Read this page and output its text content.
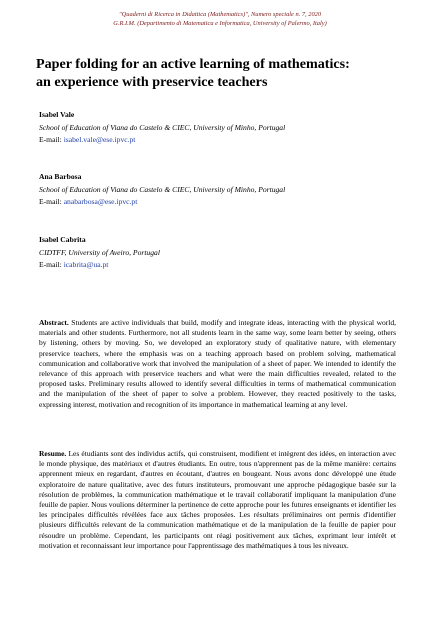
"Quaderni di Ricerca in Didattica (Mathematics)", Numero speciale n. 7, 2020
G.R.I.M. (Departimento di Matematica e Informatica, University of Palermo, Italy)
Paper folding for an active learning of mathematics:
an experience with preservice teachers
Isabel Vale
School of Education of Viana do Castelo & CIEC, University of Minho, Portugal
E-mail: isabel.vale@ese.ipvc.pt
Ana Barbosa
School of Education of Viana do Castelo & CIEC, University of Minho, Portugal
E-mail: anabarbosa@ese.ipvc.pt
Isabel Cabrita
CIDTFF, University of Aveiro, Portugal
E-mail: icabrita@ua.pt
Abstract. Students are active individuals that build, modify and integrate ideas, interacting with the physical world, materials and other students. Furthermore, not all students learn in the same way, some learn better by seeing, others by listening, others by moving. So, we developed an exploratory study of qualitative nature, with elementary preservice teachers, where the emphasis was on a teaching approach based on problem solving, mathematical communication and collaborative work that involved the manipulation of a sheet of paper. We intended to identify the relevance of this approach with preservice teachers and what were the main difficulties revealed, related to the proposed tasks. Preliminary results allowed to identify several difficulties in terms of mathematical communication and the manipulation of the sheet of paper to solve a problem. However, they reacted positively to the tasks, expressing interest, motivation and recognition of its importance in mathematical learning at any level.
Resume. Les étudiants sont des individus actifs, qui construisent, modifient et intègrent des idées, en interaction avec le monde physique, des matériaux et d'autres étudiants. En outre, tous n'apprennent pas de la même manière: certains apprennent mieux en regardant, d'autres en écoutant, d'autres en bougeant. Nous avons donc développé une étude exploratoire de nature qualitative, avec des futurs instituteurs, promouvant une approche pédagogique basée sur la résolution de problèmes, la communication mathématique et le travail collaboratif impliquant la manipulation d'une feuille de papier. Nous voulions déterminer la pertinence de cette approche pour les futures enseignants et identifier les les principales difficultés révélées face aux tâches proposées. Les résultats préliminaires ont permis d'identifier plusieurs difficultés relevant de la communication mathématique et de la manipulation de la feuille de papier pour résoudre un problème. Cependant, les participants ont réagi positivement aux tâches, exprimant leur intérêt et motivation et reconnaissant leur importance pour l'apprentissage des mathématiques à tous les niveaux.
